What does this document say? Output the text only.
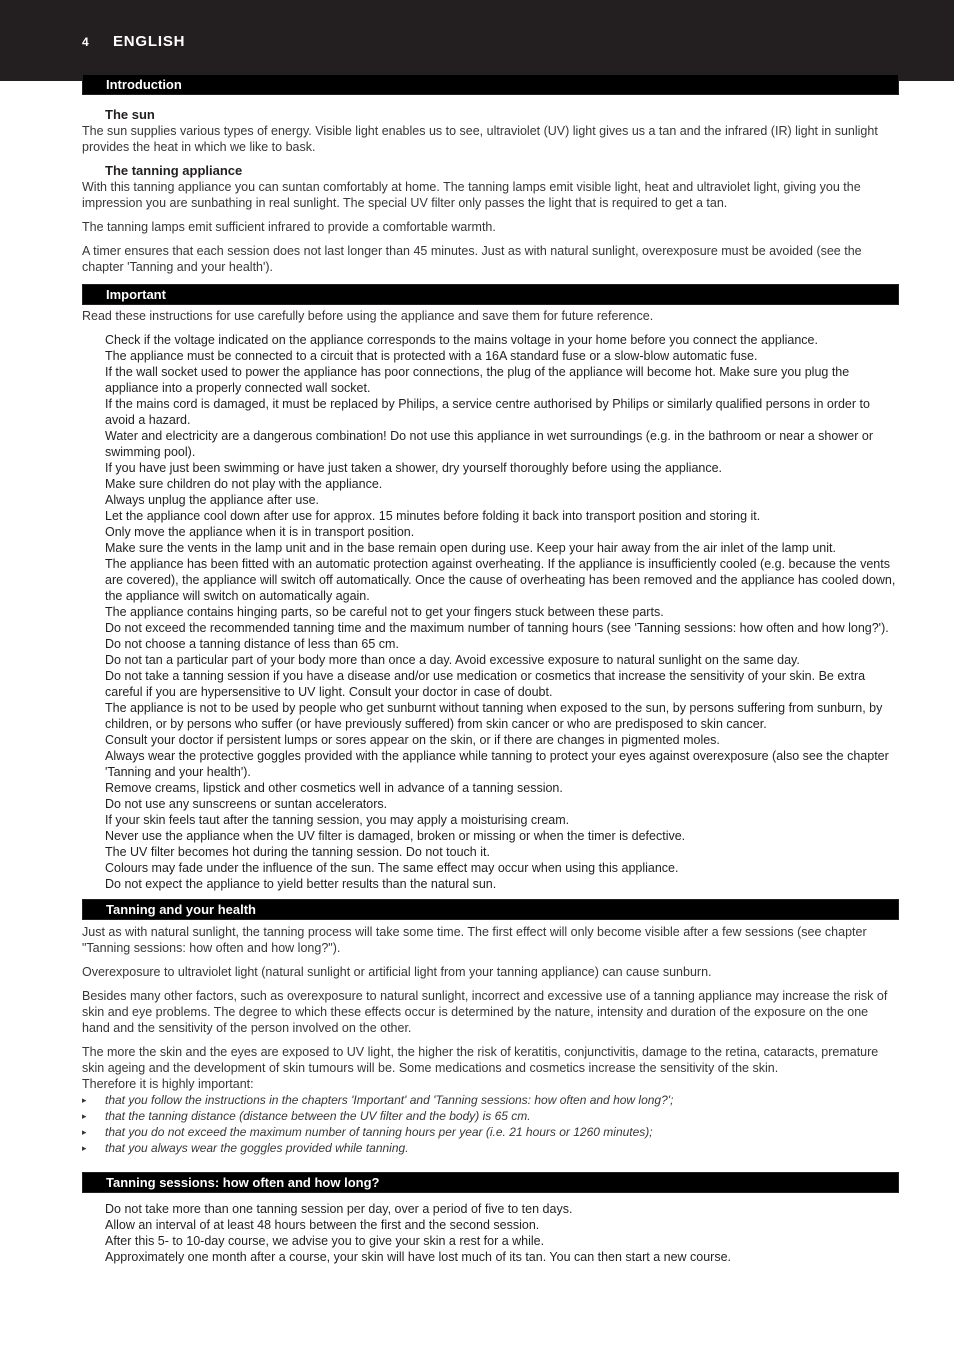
4 ENGLISH
Introduction
The sun
The sun supplies various types of energy. Visible light enables us to see, ultraviolet (UV) light gives us a tan and the infrared (IR) light in sunlight provides the heat in which we like to bask.
The tanning appliance
With this tanning appliance you can suntan comfortably at home. The tanning lamps emit visible light, heat and ultraviolet light, giving you the impression you are sunbathing in real sunlight. The special UV filter only passes the light that is required to get a tan.
The tanning lamps emit sufficient infrared to provide a comfortable warmth.
A timer ensures that each session does not last longer than 45 minutes. Just as with natural sunlight, overexposure must be avoided (see the chapter 'Tanning and your health').
Important
Read these instructions for use carefully before using the appliance and save them for future reference.
Check if the voltage indicated on the appliance corresponds to the mains voltage in your home before you connect the appliance.
The appliance must be connected to a circuit that is protected with a 16A standard fuse or a slow-blow automatic fuse.
If the wall socket used to power the appliance has poor connections, the plug of the appliance will become hot. Make sure you plug the appliance into a properly connected wall socket.
If the mains cord is damaged, it must be replaced by Philips, a service centre authorised by Philips or similarly qualified persons in order to avoid a hazard.
Water and electricity are a dangerous combination! Do not use this appliance in wet surroundings (e.g. in the bathroom or near a shower or swimming pool).
If you have just been swimming or have just taken a shower, dry yourself thoroughly before using the appliance.
Make sure children do not play with the appliance.
Always unplug the appliance after use.
Let the appliance cool down after use for approx. 15 minutes before folding it back into transport position and storing it.
Only move the appliance when it is in transport position.
Make sure the vents in the lamp unit and in the base remain open during use. Keep your hair away from the air inlet of the lamp unit.
The appliance has been fitted with an automatic protection against overheating. If the appliance is insufficiently cooled (e.g. because the vents are covered), the appliance will switch off automatically. Once the cause of overheating has been removed and the appliance has cooled down, the appliance will switch on automatically again.
The appliance contains hinging parts, so be careful not to get your fingers stuck between these parts.
Do not exceed the recommended tanning time and the maximum number of tanning hours (see 'Tanning sessions: how often and how long?').
Do not choose a tanning distance of less than 65 cm.
Do not tan a particular part of your body more than once a day. Avoid excessive exposure to natural sunlight on the same day.
Do not take a tanning session if you have a disease and/or use medication or cosmetics that increase the sensitivity of your skin. Be extra careful if you are hypersensitive to UV light. Consult your doctor in case of doubt.
The appliance is not to be used by people who get sunburnt without tanning when exposed to the sun, by persons suffering from sunburn, by children, or by persons who suffer (or have previously suffered) from skin cancer or who are predisposed to skin cancer.
Consult your doctor if persistent lumps or sores appear on the skin, or if there are changes in pigmented moles.
Always wear the protective goggles provided with the appliance while tanning to protect your eyes against overexposure (also see the chapter 'Tanning and your health').
Remove creams, lipstick and other cosmetics well in advance of a tanning session.
Do not use any sunscreens or suntan accelerators.
If your skin feels taut after the tanning session, you may apply a moisturising cream.
Never use the appliance when the UV filter is damaged, broken or missing or when the timer is defective.
The UV filter becomes hot during the tanning session. Do not touch it.
Colours may fade under the influence of the sun. The same effect may occur when using this appliance.
Do not expect the appliance to yield better results than the natural sun.
Tanning and your health
Just as with natural sunlight, the tanning process will take some time. The first effect will only become visible after a few sessions (see chapter "Tanning sessions: how often and how long?").
Overexposure to ultraviolet light (natural sunlight or artificial light from your tanning appliance) can cause sunburn.
Besides many other factors, such as overexposure to natural sunlight, incorrect and excessive use of a tanning appliance may increase the risk of skin and eye problems. The degree to which these effects occur is determined by the nature, intensity and duration of the exposure on the one hand and the sensitivity of the person involved on the other.
The more the skin and the eyes are exposed to UV light, the higher the risk of keratitis, conjunctivitis, damage to the retina, cataracts, premature skin ageing and the development of skin tumours will be. Some medications and cosmetics increase the sensitivity of the skin.
Therefore it is highly important:
▸ that you follow the instructions in the chapters 'Important' and 'Tanning sessions: how often and how long?';
▸ that the tanning distance (distance between the UV filter and the body) is 65 cm.
▸ that you do not exceed the maximum number of tanning hours per year (i.e. 21 hours or 1260 minutes);
▸ that you always wear the goggles provided while tanning.
Tanning sessions: how often and how long?
Do not take more than one tanning session per day, over a period of five to ten days.
Allow an interval of at least 48 hours between the first and the second session.
After this 5- to 10-day course, we advise you to give your skin a rest for a while.
Approximately one month after a course, your skin will have lost much of its tan. You can then start a new course.
